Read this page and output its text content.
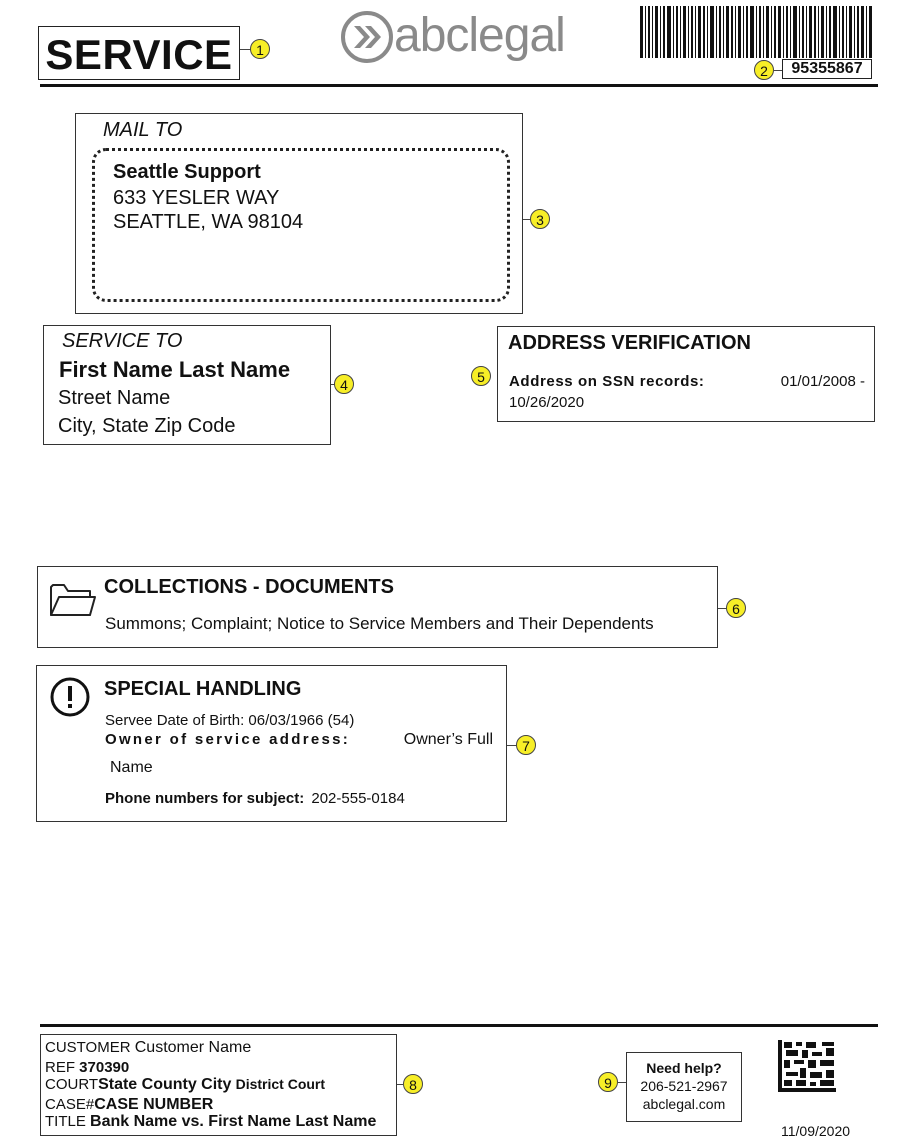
SERVICE	1	abclegal
2	95355867
MAIL TO
Seattle Support
633 YESLER WAY
SEATTLE, WA 98104	3
SERVICE TO
First Name Last Name
Street Name
City, State Zip Code
4	5
ADDRESS VERIFICATION
Address on SSN records:	01/01/2008 -
10/26/2020
COLLECTIONS - DOCUMENTS
Summons; Complaint; Notice to Service Members and Their Dependents
6
SPECIAL HANDLING
Servee Date of Birth: 06/03/1966 (54)
Owner of service address:	Owner’s Full
Name
Phone numbers for subject: 202-555-0184
7
CUSTOMER Customer Name
REF 370390
COURTState County City District Court
CASE#CASE NUMBER
TITLE Bank Name vs. First Name Last Name
8	9
Need help?
206-521-2967
abclegal.com
11/09/2020
